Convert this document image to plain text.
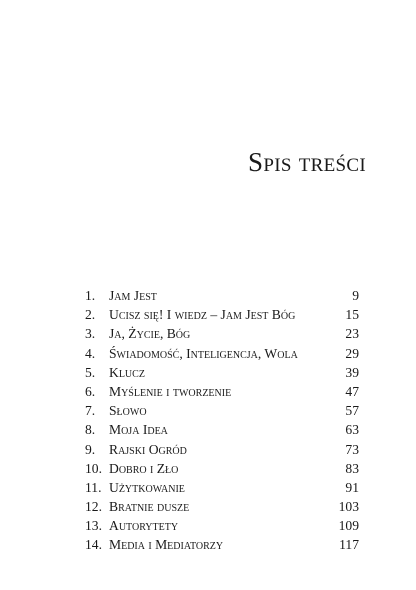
Spis treści
1. Jam Jest	9
2. Ucisz się! I wiedz – Jam Jest Bóg	15
3. Ja, Życie, Bóg	23
4. Świadomość, Inteligencja, Wola	29
5. Klucz	39
6. Myślenie i tworzenie	47
7. Słowo	57
8. Moja Idea	63
9. Rajski Ogród	73
10. Dobro i Zło	83
11. Użytkowanie	91
12. Bratnie dusze	103
13. Autorytety	109
14. Media i Mediatorzy	117
